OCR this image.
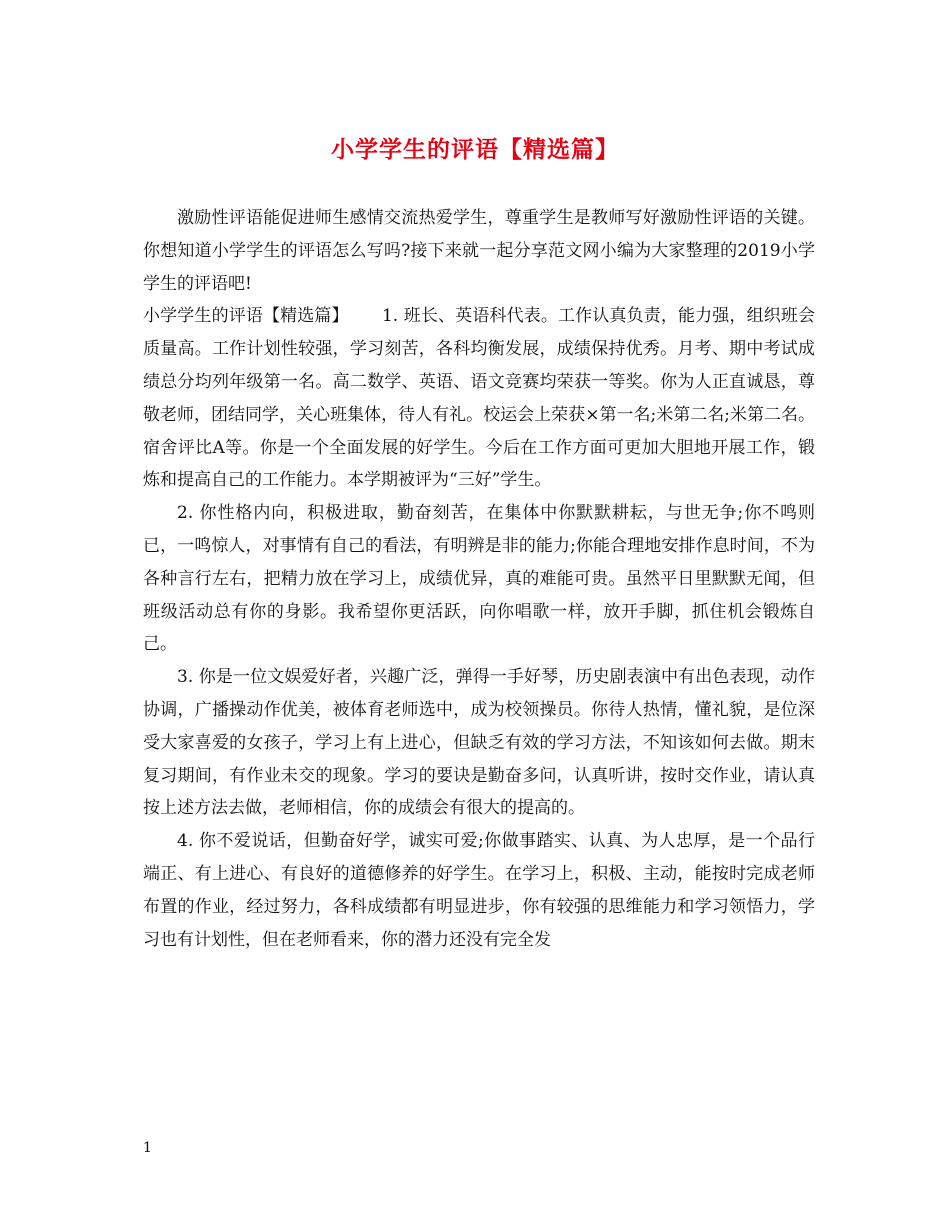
小学学生的评语【精选篇】

激励性评语能促进师生感情交流热爱学生，尊重学生是教师写好激励性评语的关键。你想知道小学学生的评语怎么写吗?接下来就一起分享范文网小编为大家整理的2019小学学生的评语吧!

小学学生的评语【精选篇】 1. 班长、英语科代表。工作认真负责，能力强，组织班会质量高。工作计划性较强，学习刻苦，各科均衡发展，成绩保持优秀。月考、期中考试成绩总分均列年级第一名。高二数学、英语、语文竞赛均荣获一等奖。你为人正直诚恳，尊敬老师，团结同学，关心班集体，待人有礼。校运会上荣获×第一名;米第二名;米第二名。宿舍评比A等。你是一个全面发展的好学生。今后在工作方面可更加大胆地开展工作，锻炼和提高自己的工作能力。本学期被评为“三好”学生。

2. 你性格内向，积极进取，勤奋刻苦，在集体中你默默耕耘，与世无争;你不鸣则已，一鸣惊人，对事情有自己的看法，有明辨是非的能力;你能合理地安排作息时间，不为各种言行左右，把精力放在学习上，成绩优异，真的难能可贵。虽然平日里默默无闻，但班级活动总有你的身影。我希望你更活跃，向你唱歌一样，放开手脚，抓住机会锻炼自己。

3. 你是一位文娱爱好者，兴趣广泛，弹得一手好琴，历史剧表演中有出色表现，动作协调，广播操动作优美，被体育老师选中，成为校领操员。你待人热情，懂礼貌，是位深受大家喜爱的女孩子，学习上有上进心，但缺乏有效的学习方法，不知该如何去做。期末复习期间，有作业未交的现象。学习的要诀是勤奋多问，认真听讲，按时交作业，请认真按上述方法去做，老师相信，你的成绩会有很大的提高的。

4. 你不爱说话，但勤奋好学，诚实可爱;你做事踏实、认真、为人忠厚，是一个品行端正、有上进心、有良好的道德修养的好学生。在学习上，积极、主动，能按时完成老师布置的作业，经过努力，各科成绩都有明显进步，你有较强的思维能力和学习领悟力，学习也有计划性，但在老师看来，你的潜力还没有完全发

1
